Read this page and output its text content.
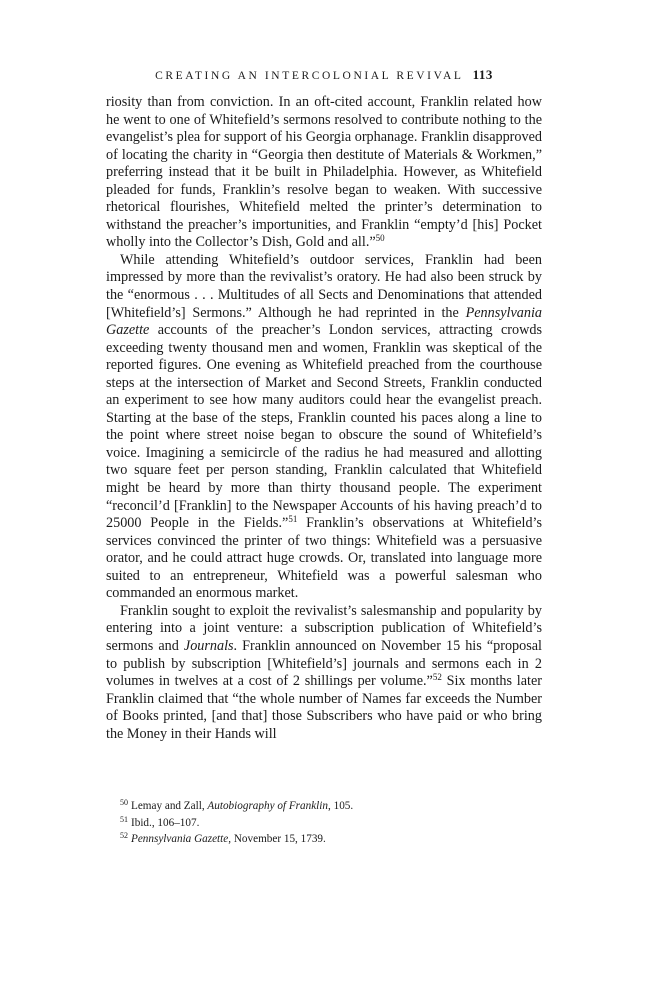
CREATING AN INTERCOLONIAL REVIVAL 113

riosity than from conviction. In an oft-cited account, Franklin related how he went to one of Whitefield’s sermons resolved to contribute nothing to the evangelist’s plea for support of his Georgia orphanage. Franklin disapproved of locating the charity in “Georgia then destitute of Materials & Workmen,” preferring instead that it be built in Philadelphia. However, as Whitefield pleaded for funds, Franklin’s resolve began to weaken. With successive rhetorical flourishes, Whitefield melted the printer’s determination to withstand the preacher’s importunities, and Franklin “empty’d [his] Pocket wholly into the Collector’s Dish, Gold and all.”$^{50}$

While attending Whitefield’s outdoor services, Franklin had been impressed by more than the revivalist’s oratory. He had also been struck by the “enormous . . . Multitudes of all Sects and Denominations that attended [Whitefield’s] Sermons.” Although he had reprinted in the Pennsylvania Gazette accounts of the preacher’s London services, attracting crowds exceeding twenty thousand men and women, Franklin was skeptical of the reported figures. One evening as Whitefield preached from the courthouse steps at the intersection of Market and Second Streets, Franklin conducted an experiment to see how many auditors could hear the evangelist preach. Starting at the base of the steps, Franklin counted his paces along a line to the point where street noise began to obscure the sound of Whitefield’s voice. Imagining a semicircle of the radius he had measured and allotting two square feet per person standing, Franklin calculated that Whitefield might be heard by more than thirty thousand people. The experiment “reconcil’d [Franklin] to the Newspaper Accounts of his having preach’d to 25000 People in the Fields.”$^{51}$ Franklin’s observations at Whitefield’s services convinced the printer of two things: Whitefield was a persuasive orator, and he could attract huge crowds. Or, translated into language more suited to an entrepreneur, Whitefield was a powerful salesman who commanded an enormous market.

Franklin sought to exploit the revivalist’s salesmanship and popularity by entering into a joint venture: a subscription publication of Whitefield’s sermons and Journals. Franklin announced on November 15 his “proposal to publish by subscription [Whitefield’s] journals and sermons each in 2 volumes in twelves at a cost of 2 shillings per volume.”$^{52}$ Six months later Franklin claimed that “the whole number of Names far exceeds the Number of Books printed, [and that] those Subscribers who have paid or who bring the Money in their Hands will

$^{50}$ Lemay and Zall, Autobiography of Franklin, 105.
$^{51}$ Ibid., 106–107.
$^{52}$ Pennsylvania Gazette, November 15, 1739.
